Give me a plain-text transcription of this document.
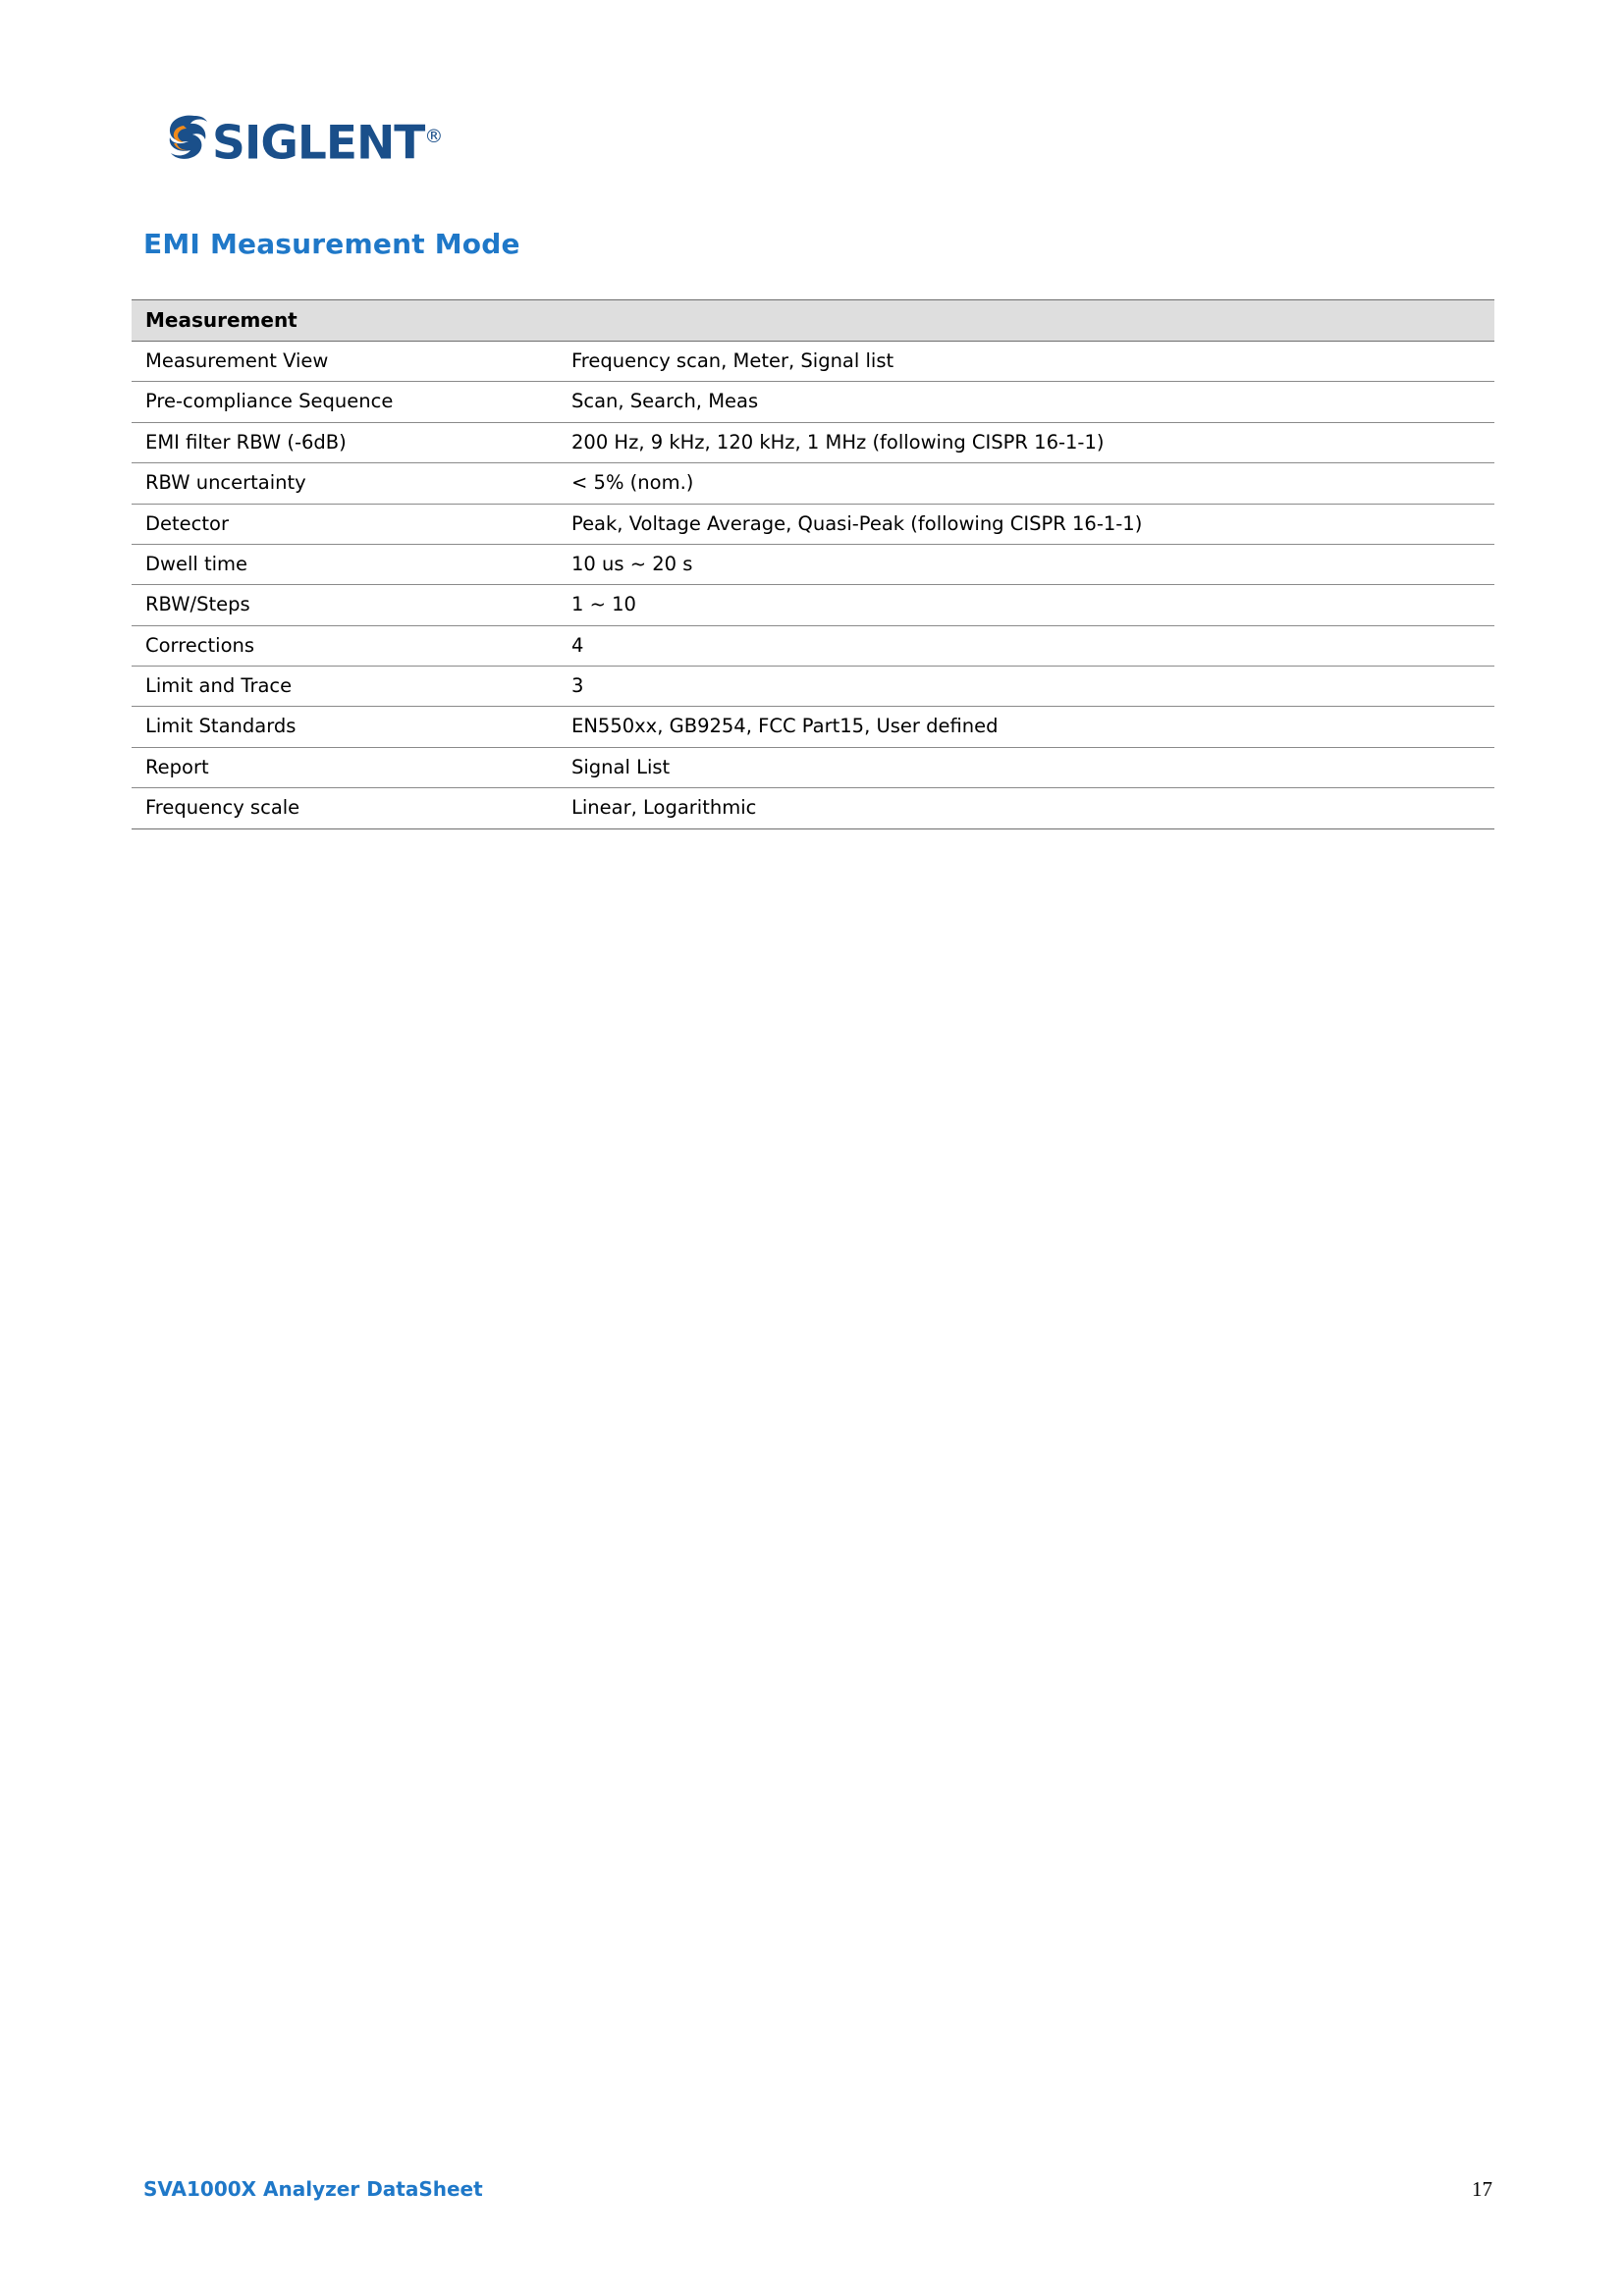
SIGLENT®
EMI Measurement Mode
Measurement	
Measurement View	Frequency scan, Meter, Signal list
Pre-compliance Sequence	Scan, Search, Meas
EMI filter RBW (-6dB)	200 Hz, 9 kHz, 120 kHz, 1 MHz (following CISPR 16-1-1)
RBW uncertainty	< 5% (nom.)
Detector	Peak, Voltage Average, Quasi-Peak (following CISPR 16-1-1)
Dwell time	10 us ~ 20 s
RBW/Steps	1 ~ 10
Corrections	4
Limit and Trace	3
Limit Standards	EN550xx, GB9254, FCC Part15, User defined
Report	Signal List
Frequency scale	Linear, Logarithmic
SVA1000X Analyzer DataSheet	17
